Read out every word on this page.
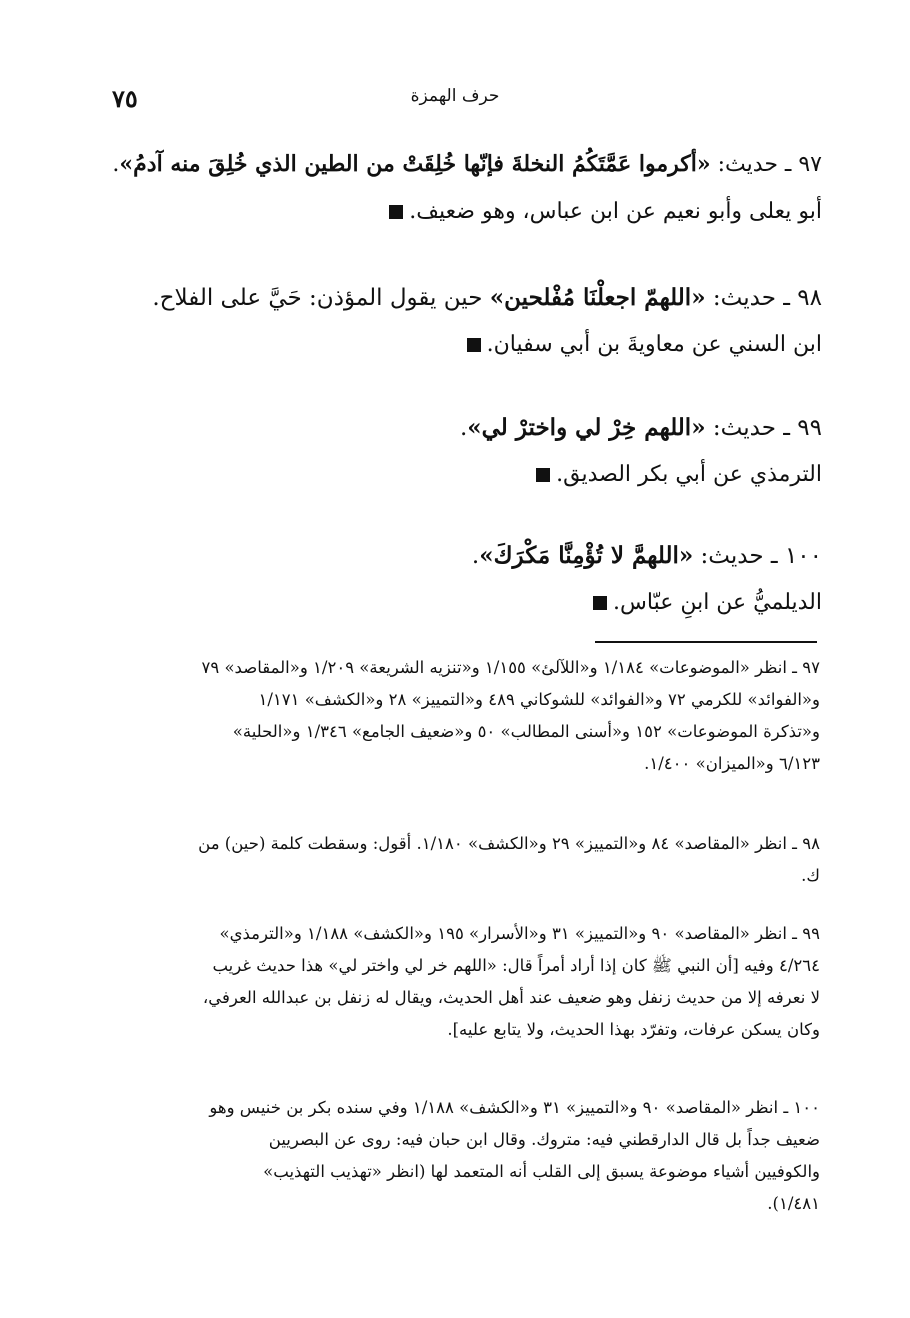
حرف الهمزة
٧٥
٩٧ ـ حديث: «أكرموا عَمَّتَكُمُ النخلةَ فإنّها خُلِقَتْ من الطين الذي خُلِقَ منه آدمُ».
أبو يعلى وأبو نعيم عن ابن عباس، وهو ضعيف.
٩٨ ـ حديث: «اللهمّ اجعلْنَا مُفْلحين» حين يقول المؤذن: حَيَّ على الفلاح.
ابن السني عن معاويةَ بن أبي سفيان.
٩٩ ـ حديث: «اللهم خِرْ لي واخترْ لي».
الترمذي عن أبي بكر الصديق.
١٠٠ ـ حديث: «اللهمَّ لا تُؤْمِنَّا مَكْرَكَ».
الديلميُّ عن ابنِ عبّاس.
٩٧ ـ انظر «الموضوعات» ١/١٨٤ و«اللآلئ» ١/١٥٥ و«تنزيه الشريعة» ١/٢٠٩ و«المقاصد» ٧٩
و«الفوائد» للكرمي ٧٢ و«الفوائد» للشوكاني ٤٨٩ و«التمييز» ٢٨ و«الكشف» ١/١٧١
و«تذكرة الموضوعات» ١٥٢ و«أسنى المطالب» ٥٠ و«ضعيف الجامع» ١/٣٤٦ و«الحلية»
٦/١٢٣ و«الميزان» ١/٤٠٠.
٩٨ ـ انظر «المقاصد» ٨٤ و«التمييز» ٢٩ و«الكشف» ١/١٨٠. أقول: وسقطت كلمة (حين) من
ك.
٩٩ ـ انظر «المقاصد» ٩٠ و«التمييز» ٣١ و«الأسرار» ١٩٥ و«الكشف» ١/١٨٨ و«الترمذي»
٤/٢٦٤ وفيه [أن النبي ﷺ كان إذا أراد أمراً قال: «اللهم خر لي واختر لي» هذا حديث غريب
لا نعرفه إلا من حديث زنفل وهو ضعيف عند أهل الحديث، ويقال له زنفل بن عبدالله العرفي،
وكان يسكن عرفات، وتفرّد بهذا الحديث، ولا يتابع عليه].
١٠٠ ـ انظر «المقاصد» ٩٠ و«التمييز» ٣١ و«الكشف» ١/١٨٨ وفي سنده بكر بن خنيس وهو
ضعيف جداً بل قال الدارقطني فيه: متروك. وقال ابن حبان فيه: روى عن البصريين
والكوفيين أشياء موضوعة يسبق إلى القلب أنه المتعمد لها (انظر «تهذيب التهذيب»
١/٤٨١).
